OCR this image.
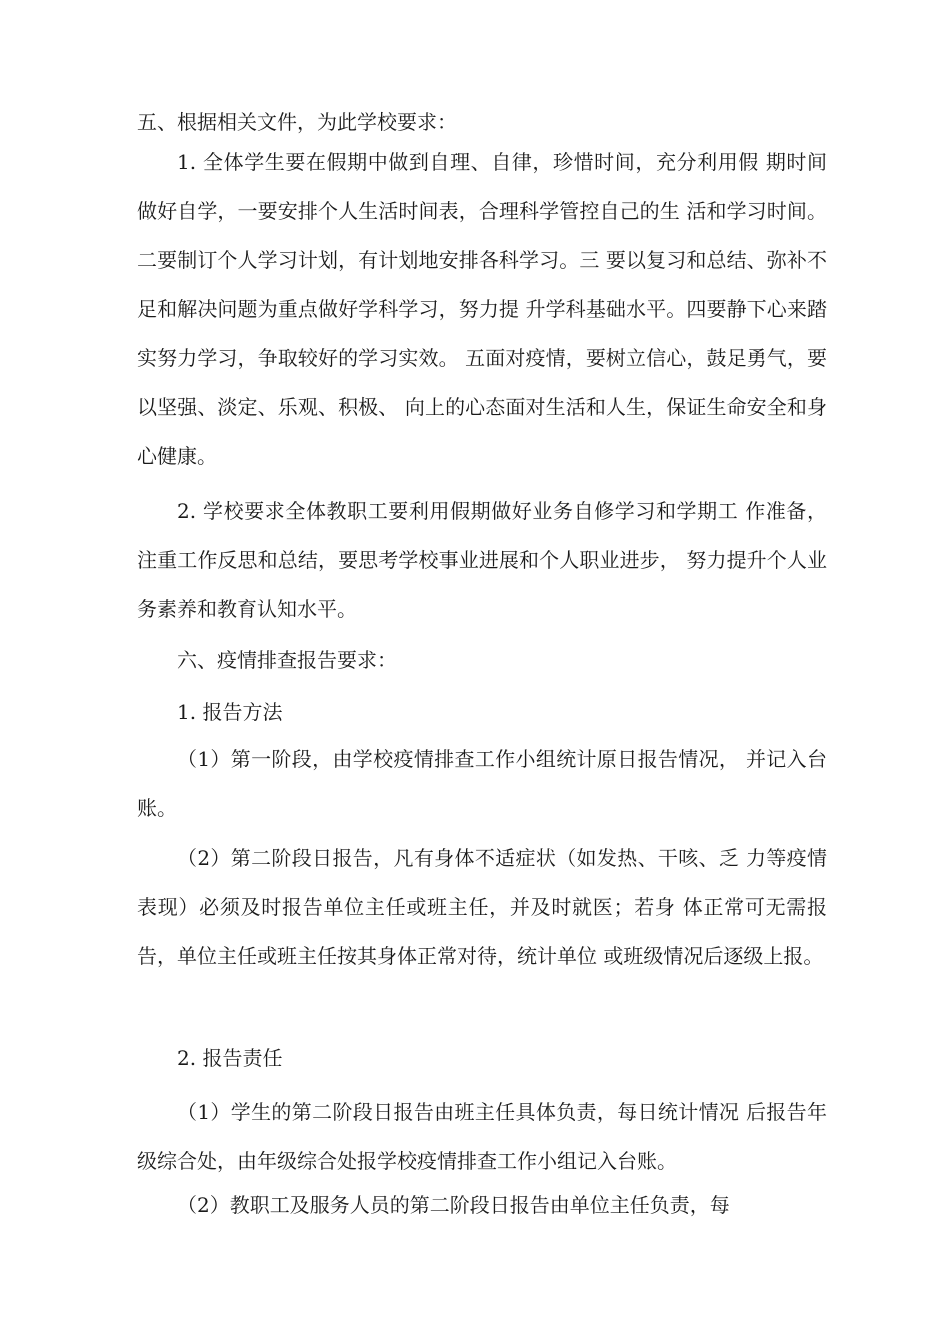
五、根据相关文件，为此学校要求：

1. 全体学生要在假期中做到自理、自律，珍惜时间，充分利用假 期时间做好自学，一要安排个人生活时间表，合理科学管控自己的生 活和学习时间。二要制订个人学习计划，有计划地安排各科学习。三 要以复习和总结、弥补不足和解决问题为重点做好学科学习，努力提 升学科基础水平。四要静下心来踏实努力学习，争取较好的学习实效。 五面对疫情，要树立信心，鼓足勇气，要以坚强、淡定、乐观、积极、 向上的心态面对生活和人生，保证生命安全和身心健康。

2. 学校要求全体教职工要利用假期做好业务自修学习和学期工 作准备，注重工作反思和总结，要思考学校事业进展和个人职业进步， 努力提升个人业务素养和教育认知水平。

六、疫情排查报告要求：

1. 报告方法

（1）第一阶段，由学校疫情排查工作小组统计原日报告情况， 并记入台账。

（2）第二阶段日报告，凡有身体不适症状（如发热、干咳、乏 力等疫情表现）必须及时报告单位主任或班主任，并及时就医；若身 体正常可无需报告，单位主任或班主任按其身体正常对待，统计单位 或班级情况后逐级上报。

2. 报告责任

（1）学生的第二阶段日报告由班主任具体负责，每日统计情况 后报告年级综合处，由年级综合处报学校疫情排查工作小组记入台账。

（2）教职工及服务人员的第二阶段日报告由单位主任负责，每
